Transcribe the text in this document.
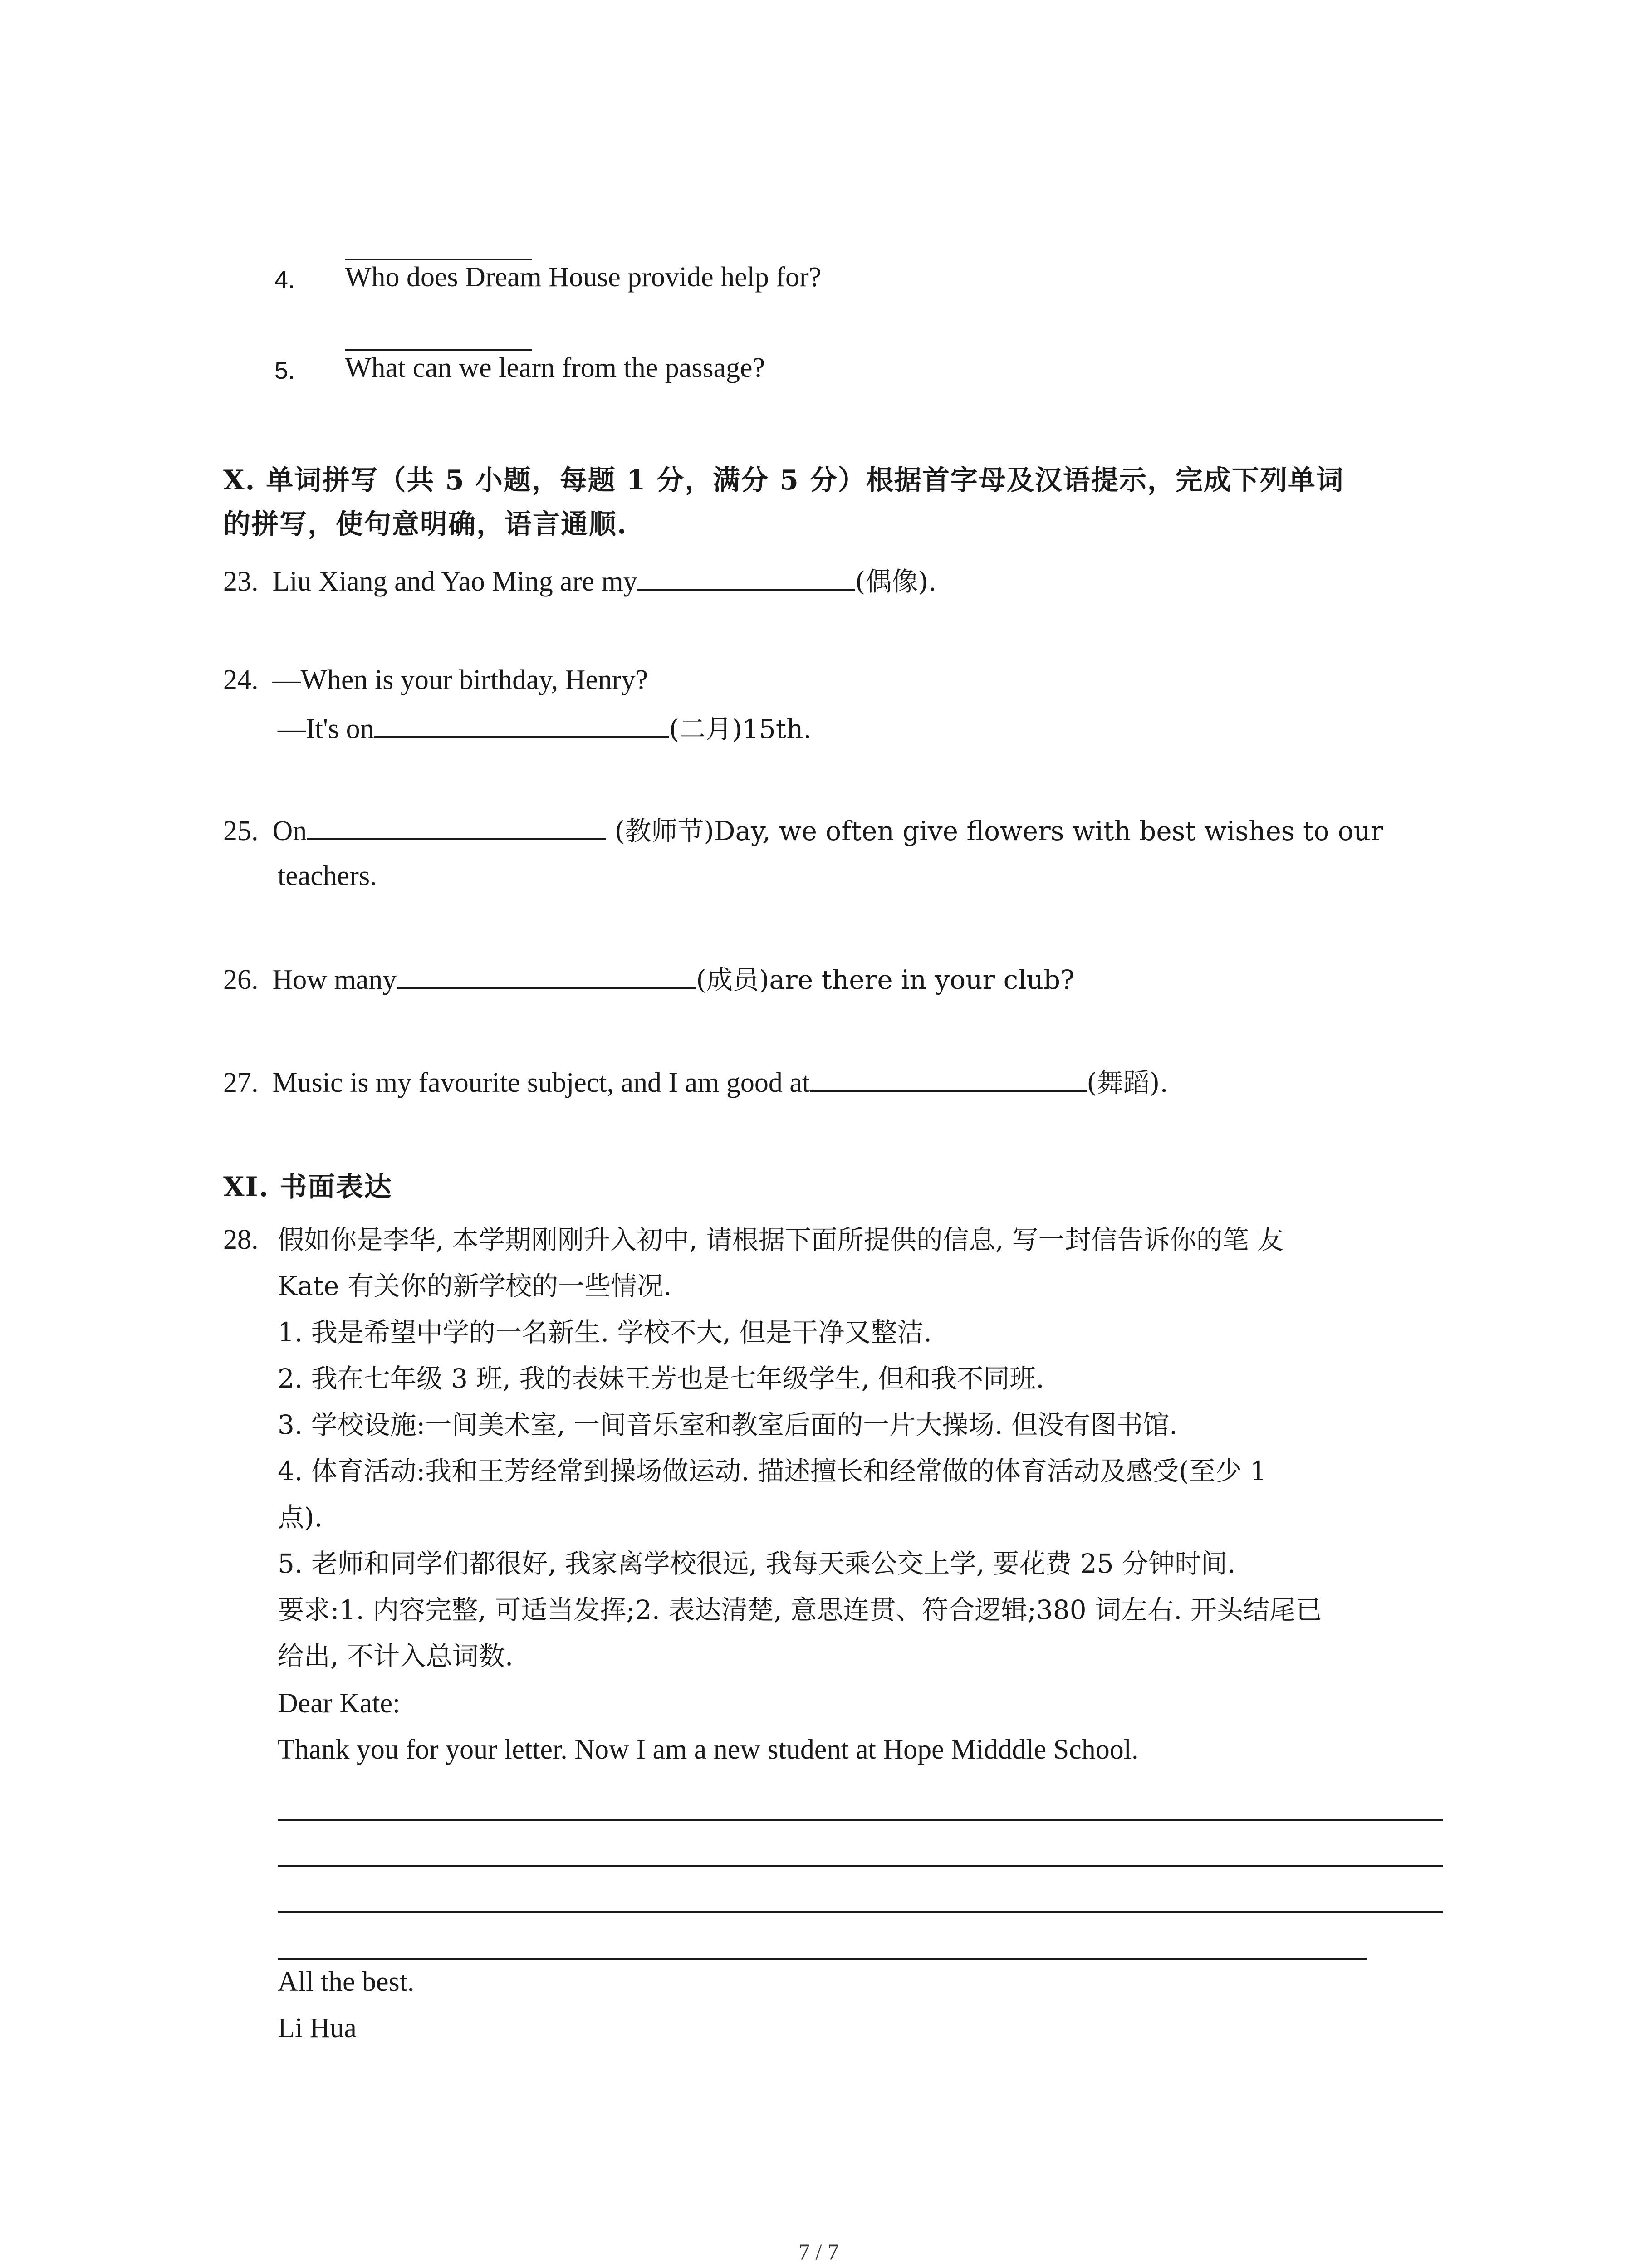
4. Who does Dream House provide help for?
5. What can we learn from the passage?
X. 单词拼写（共 5 小题，每题 1 分，满分 5 分）根据首字母及汉语提示，完成下列单词
的拼写，使句意明确，语言通顺.
23. Liu Xiang and Yao Ming are my	(偶像).
24. —When is your birthday, Henry?
—It's on	(二月)15th.
25. On	(教师节)Day, we often give flowers with best wishes to our
teachers.
26. How many	(成员)are there in your club?
27. Music is my favourite subject, and I am good at	(舞蹈).
XI. 书面表达
28. 假如你是李华, 本学期刚刚升入初中, 请根据下面所提供的信息, 写一封信告诉你的笔 友
Kate 有关你的新学校的一些情况.
1. 我是希望中学的一名新生. 学校不大, 但是干净又整洁.
2. 我在七年级 3 班, 我的表妹王芳也是七年级学生, 但和我不同班.
3. 学校设施:一间美术室, 一间音乐室和教室后面的一片大操场. 但没有图书馆.
4. 体育活动:我和王芳经常到操场做运动. 描述擅长和经常做的体育活动及感受(至少 1
点).
5. 老师和同学们都很好, 我家离学校很远, 我每天乘公交上学, 要花费 25 分钟时间.
要求:1. 内容完整, 可适当发挥;2. 表达清楚, 意思连贯、符合逻辑;380 词左右. 开头结尾已
给出, 不计入总词数.
Dear Kate:
Thank you for your letter. Now I am a new student at Hope Midddle School.
All the best.
Li Hua
7 / 7
